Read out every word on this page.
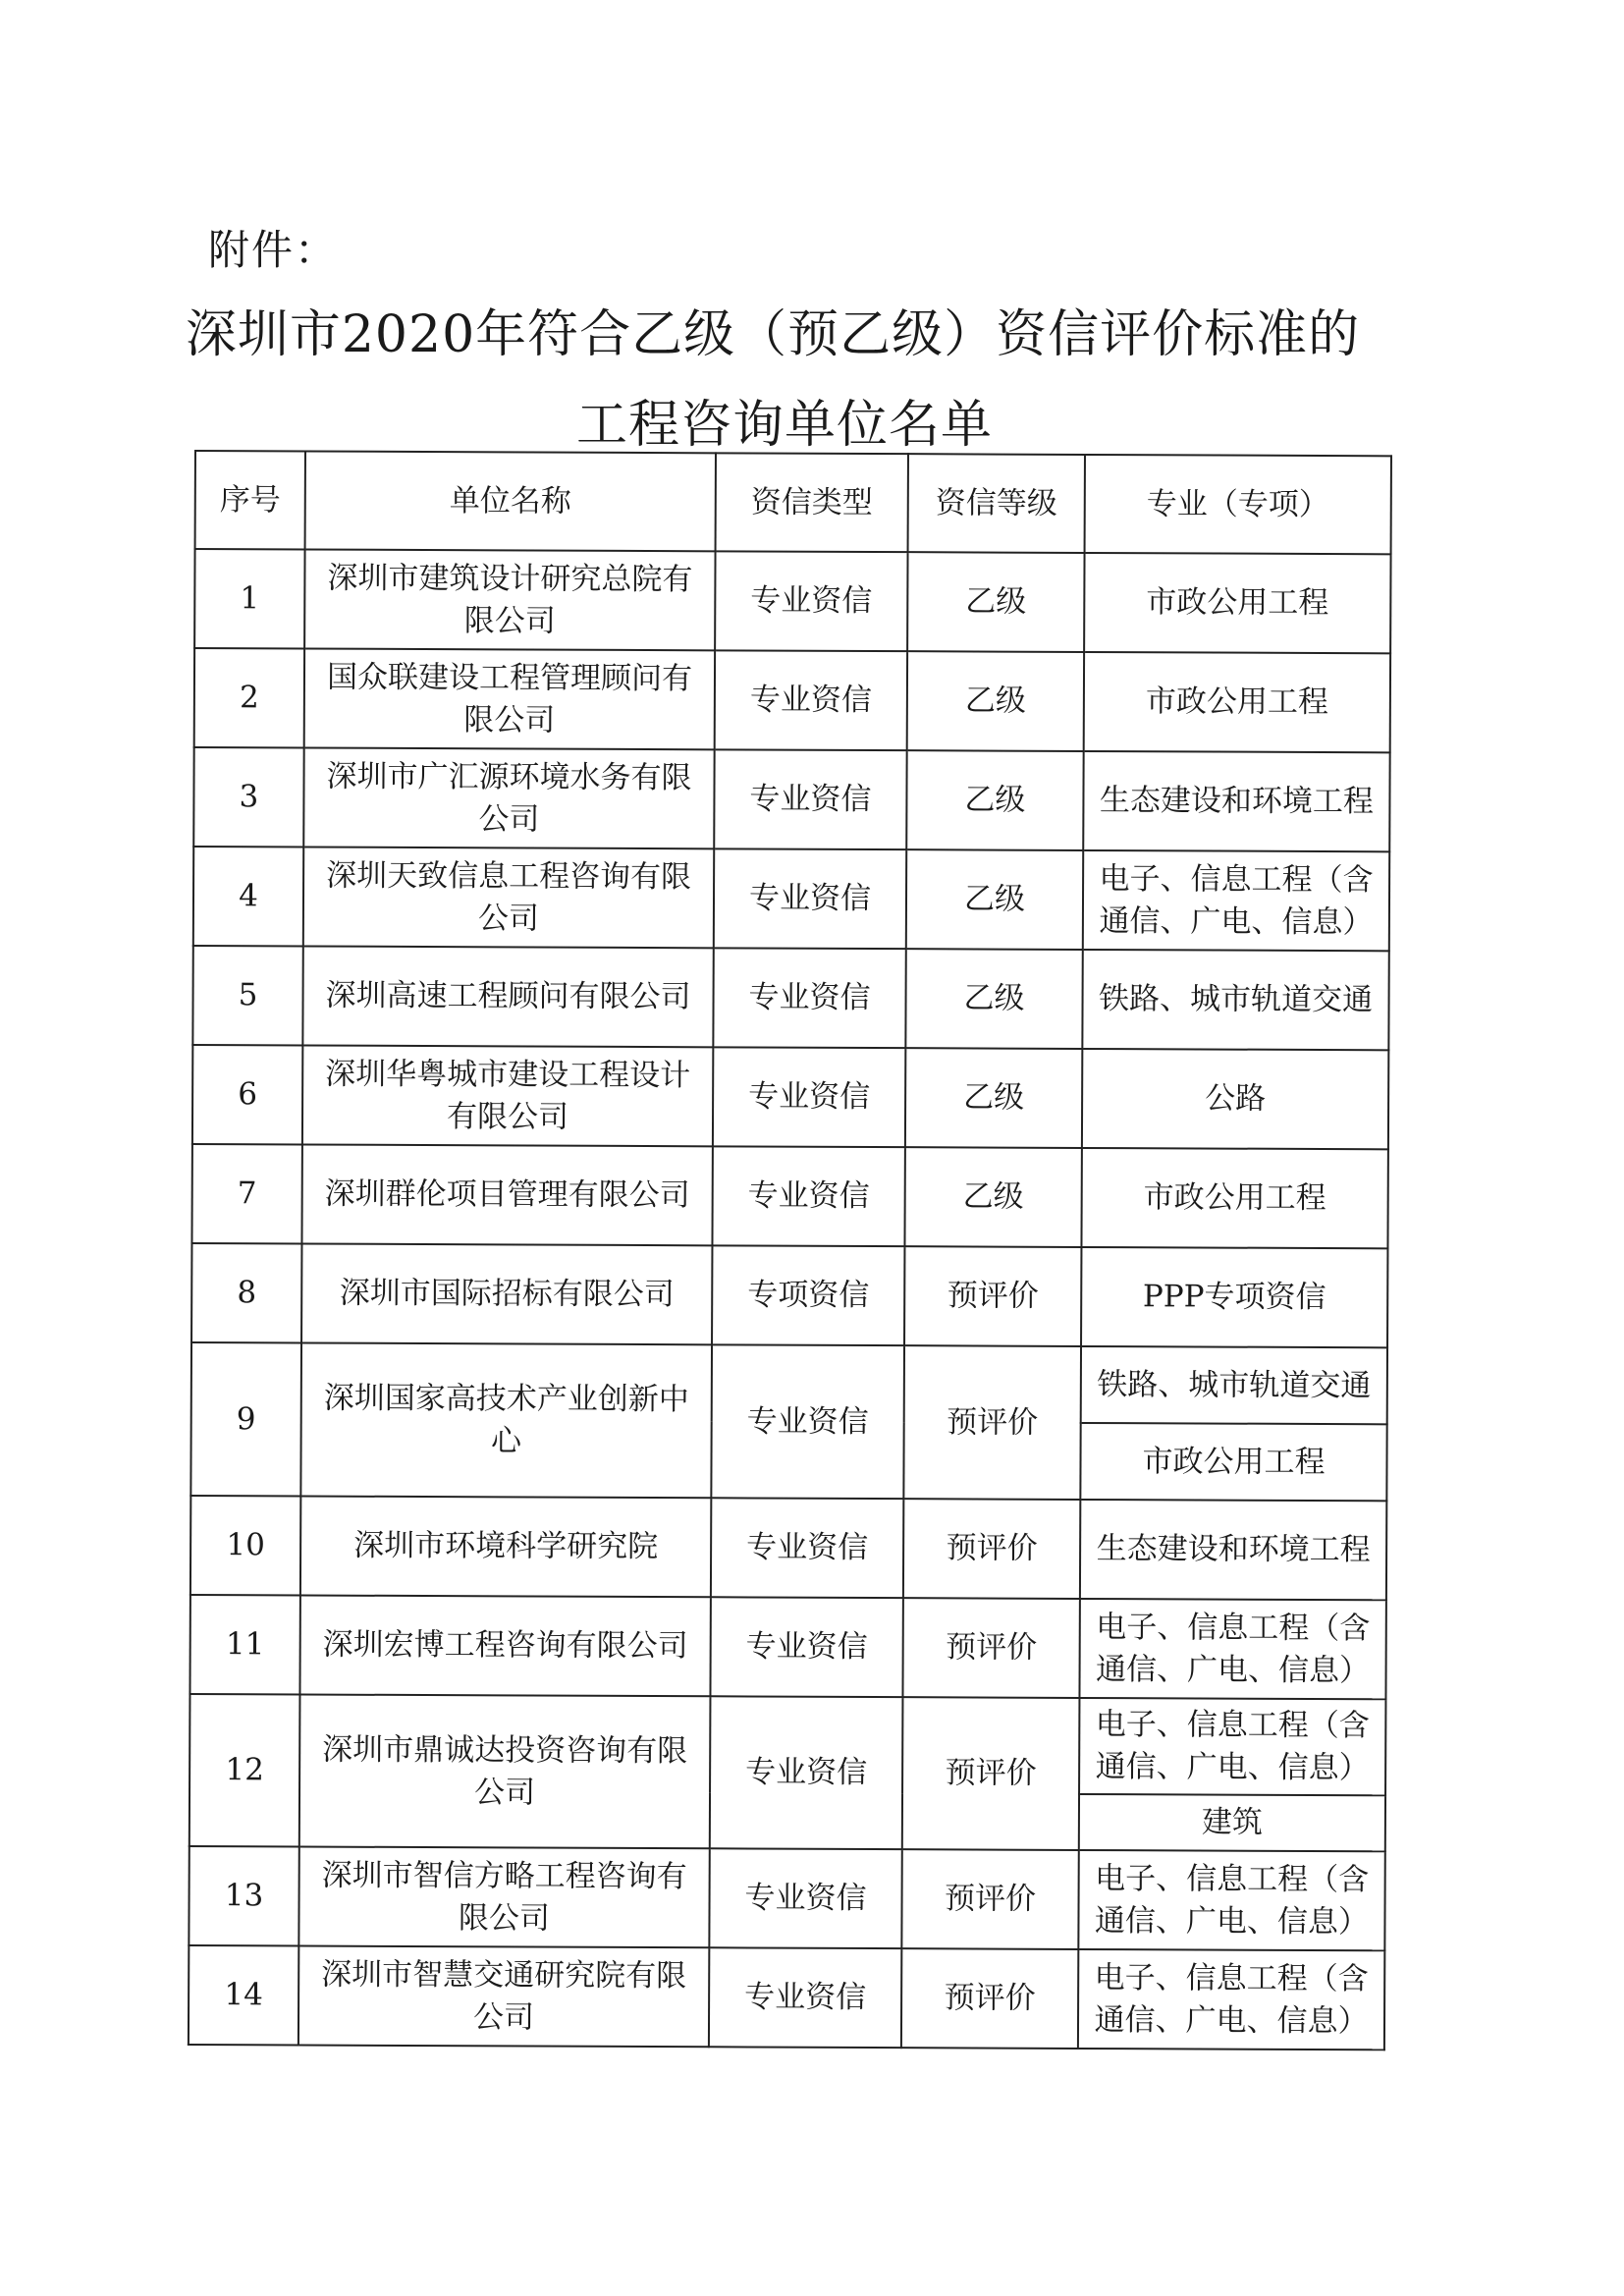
附件：
深圳市2020年符合乙级（预乙级）资信评价标准的
工程咨询单位名单
序号	单位名称	资信类型	资信等级	专业（专项）
1	深圳市建筑设计研究总院有限公司	专业资信	乙级	市政公用工程
2	国众联建设工程管理顾问有限公司	专业资信	乙级	市政公用工程
3	深圳市广汇源环境水务有限公司	专业资信	乙级	生态建设和环境工程
4	深圳天致信息工程咨询有限公司	专业资信	乙级	电子、信息工程（含通信、广电、信息）
5	深圳高速工程顾问有限公司	专业资信	乙级	铁路、城市轨道交通
6	深圳华粤城市建设工程设计有限公司	专业资信	乙级	公路
7	深圳群伦项目管理有限公司	专业资信	乙级	市政公用工程
8	深圳市国际招标有限公司	专项资信	预评价	PPP专项资信
9	深圳国家高技术产业创新中心	专业资信	预评价	铁路、城市轨道交通
				市政公用工程
10	深圳市环境科学研究院	专业资信	预评价	生态建设和环境工程
11	深圳宏博工程咨询有限公司	专业资信	预评价	电子、信息工程（含通信、广电、信息）
12	深圳市鼎诚达投资咨询有限公司	专业资信	预评价	电子、信息工程（含通信、广电、信息）
				建筑
13	深圳市智信方略工程咨询有限公司	专业资信	预评价	电子、信息工程（含通信、广电、信息）
14	深圳市智慧交通研究院有限公司	专业资信	预评价	电子、信息工程（含通信、广电、信息）
